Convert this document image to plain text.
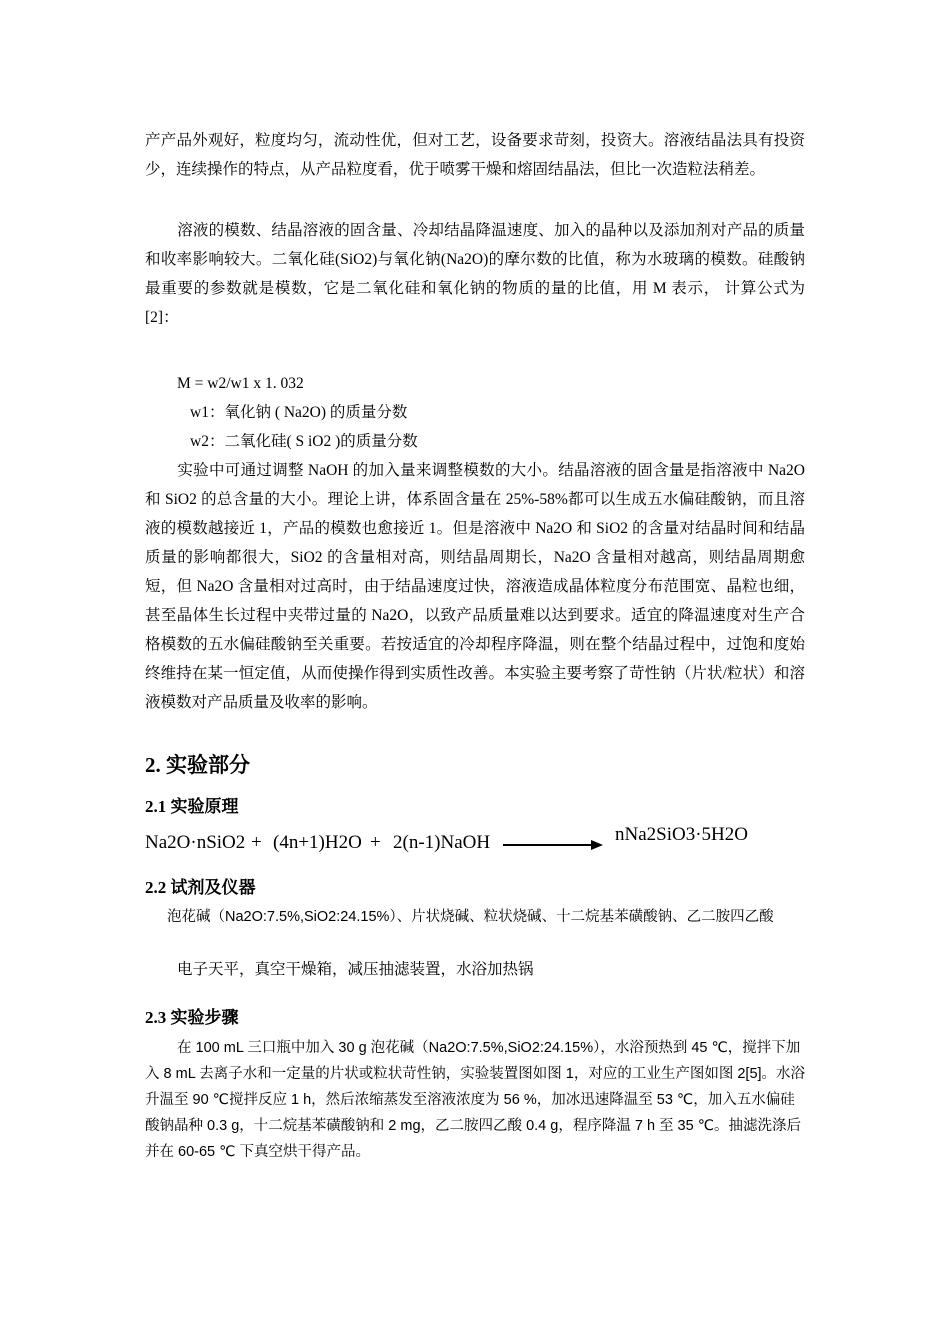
产产品外观好，粒度均匀，流动性优，但对工艺，设备要求苛刻，投资大。溶液结晶法具有投资少，连续操作的特点，从产品粒度看，优于喷雾干燥和熔固结晶法，但比一次造粒法稍差。
溶液的模数、结晶溶液的固含量、冷却结晶降温速度、加入的晶种以及添加剂对产品的质量和收率影响较大。二氧化硅(SiO2)与氧化钠(Na2O)的摩尔数的比值，称为水玻璃的模数。硅酸钠最重要的参数就是模数，它是二氧化硅和氧化钠的物质的量的比值，用 M 表示， 计算公式为[2]：
M = w2/w1 x 1. 032
w1：氧化钠 ( Na2O) 的质量分数
w2：二氧化硅( S iO2 )的质量分数
实验中可通过调整 NaOH 的加入量来调整模数的大小。结晶溶液的固含量是指溶液中 Na2O 和 SiO2 的总含量的大小。理论上讲，体系固含量在 25%-58%都可以生成五水偏硅酸钠，而且溶液的模数越接近 1，产品的模数也愈接近 1。但是溶液中 Na2O 和 SiO2 的含量对结晶时间和结晶质量的影响都很大，SiO2 的含量相对高，则结晶周期长，Na2O 含量相对越高，则结晶周期愈短，但 Na2O 含量相对过高时，由于结晶速度过快，溶液造成晶体粒度分布范围宽、晶粒也细，甚至晶体生长过程中夹带过量的 Na2O，以致产品质量难以达到要求。适宜的降温速度对生产合格模数的五水偏硅酸钠至关重要。若按适宜的冷却程序降温，则在整个结晶过程中，过饱和度始终维持在某一恒定值，从而使操作得到实质性改善。本实验主要考察了苛性钠（片状/粒状）和溶液模数对产品质量及收率的影响。
2. 实验部分
2.1 实验原理
Na2O·nSiO2 + (4n+1)H2O + 2(n-1)NaOH	nNa2SiO3·5H2O
2.2 试剂及仪器
泡花碱（Na2O:7.5%,SiO2:24.15%）、片状烧碱、粒状烧碱、十二烷基苯磺酸钠、乙二胺四乙酸
电子天平，真空干燥箱，减压抽滤装置，水浴加热锅
2.3 实验步骤
在 100 mL 三口瓶中加入 30 g 泡花碱（Na2O:7.5%,SiO2:24.15%），水浴预热到 45 ℃，搅拌下加入 8 mL 去离子水和一定量的片状或粒状苛性钠，实验装置图如图 1，对应的工业生产图如图 2[5]。水浴升温至 90 ℃搅拌反应 1 h，然后浓缩蒸发至溶液浓度为 56 %，加冰迅速降温至 53 ℃，加入五水偏硅酸钠晶种 0.3 g，十二烷基苯磺酸钠和 2 mg，乙二胺四乙酸 0.4 g，程序降温 7 h 至 35 ℃。抽滤洗涤后并在 60-65 ℃ 下真空烘干得产品。
